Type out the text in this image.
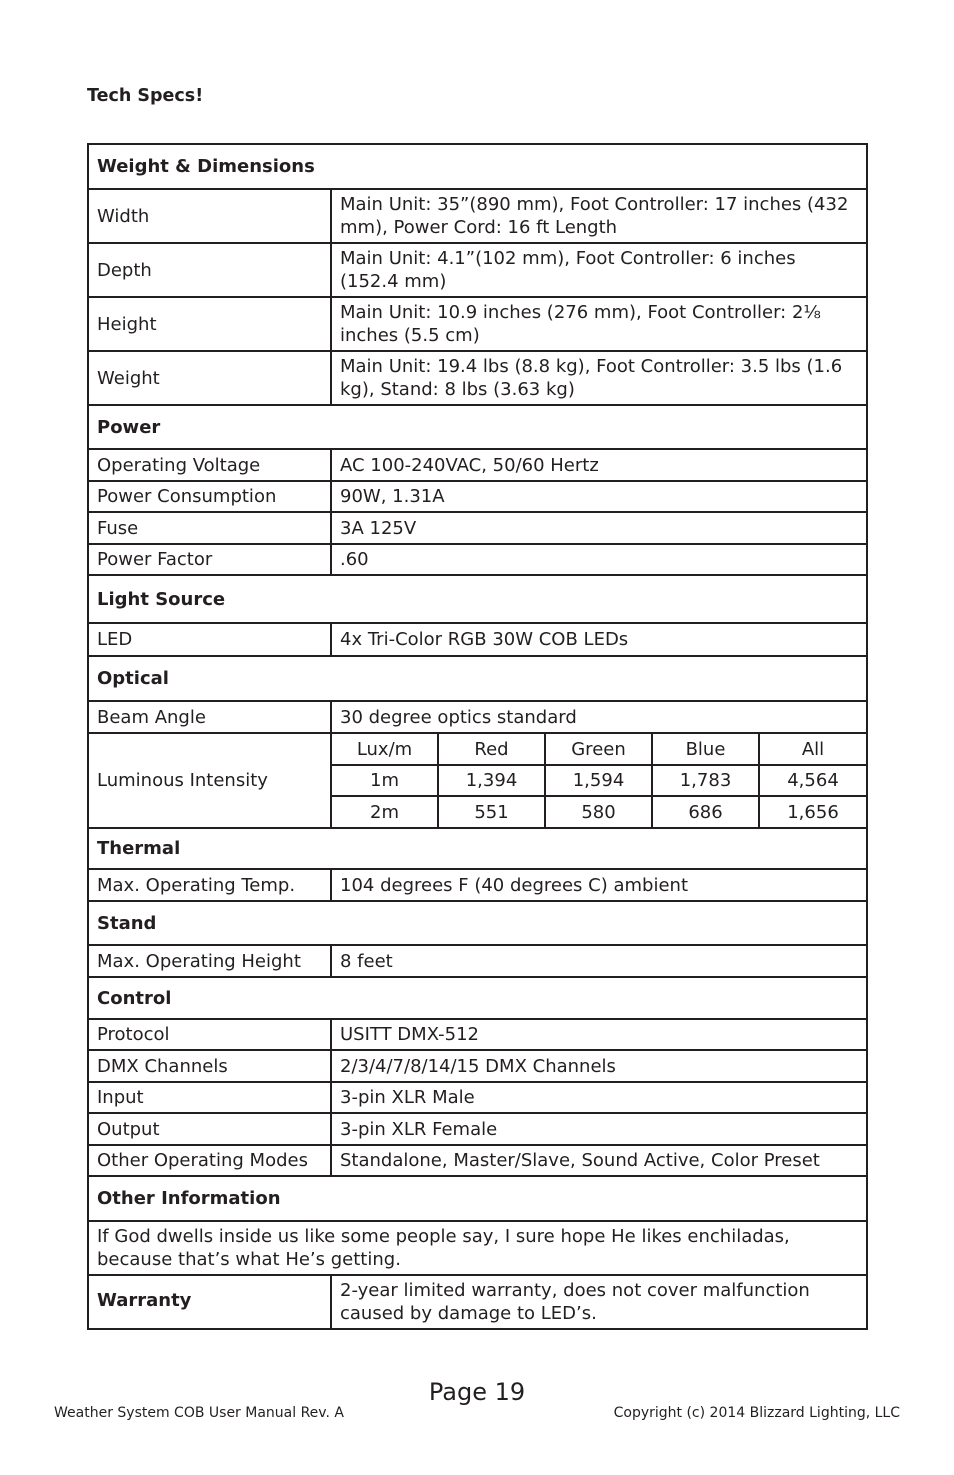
Tech Specs!
Weight & Dimensions					
Width	Main Unit: 35”(890 mm), Foot Controller: 17 inches (432 mm), Power Cord: 16 ft Length				
Depth	Main Unit: 4.1”(102 mm), Foot Controller: 6 inches (152.4 mm)				
Height	Main Unit: 10.9 inches (276 mm), Foot Controller: 2⅛ inches (5.5 cm)				
Weight	Main Unit: 19.4 lbs (8.8 kg), Foot Controller: 3.5 lbs (1.6 kg), Stand: 8 lbs (3.63 kg)				
Power					
Operating Voltage	AC 100-240VAC, 50/60 Hertz				
Power Consumption	90W, 1.31A				
Fuse	3A 125V				
Power Factor	.60				
Light Source					
LED	4x Tri-Color RGB 30W COB LEDs				
Optical					
Beam Angle	30 degree optics standard				
Luminous Intensity	Lux/m	Red	Green	Blue	All
	1m	1,394	1,594	1,783	4,564
	2m	551	580	686	1,656
Thermal					
Max. Operating Temp.	104 degrees F (40 degrees C) ambient				
Stand					
Max. Operating Height	8 feet				
Control					
Protocol	USITT DMX-512				
DMX Channels	2/3/4/7/8/14/15 DMX Channels				
Input	3-pin XLR Male				
Output	3-pin XLR Female				
Other Operating Modes	Standalone, Master/Slave, Sound Active, Color Preset				
Other Information					
If God dwells inside us like some people say, I sure hope He likes enchiladas, because that’s what He’s getting.					
Warranty	2-year limited warranty, does not cover malfunction caused by damage to LED’s.				
Page 19
Weather System COB User Manual Rev. A	Copyright (c) 2014 Blizzard Lighting, LLC
